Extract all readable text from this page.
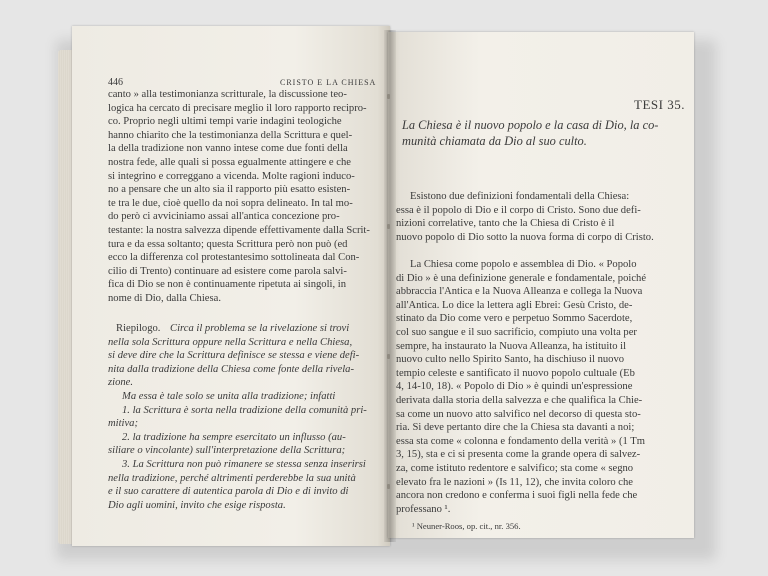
446	CRISTO E LA CHIESA

canto » alla testimonianza scritturale, la discussione teo-

logica ha cercato di precisare meglio il loro rapporto recipro-

co. Proprio negli ultimi tempi varie indagini teologiche

hanno chiarito che la testimonianza della Scrittura e quel-

la della tradizione non vanno intese come due fonti della

nostra fede, alle quali si possa egualmente attingere e che

si integrino e correggano a vicenda. Molte ragioni induco-

no a pensare che un alto sia il rapporto più esatto esisten-

te tra le due, cioè quello da noi sopra delineato. In tal mo-

do però ci avviciniamo assai all'antica concezione pro-

testante: la nostra salvezza dipende effettivamente dalla Scrit-

tura e da essa soltanto; questa Scrittura però non può (ed

ecco la differenza col protestantesimo sottolineata dal Con-

cilio di Trento) continuare ad esistere come parola salvi-

fica di Dio se non è continuamente ripetuta ai singoli, in

nome di Dio, dalla Chiesa.

Riepilogo. Circa il problema se la rivelazione si trovi

nella sola Scrittura oppure nella Scrittura e nella Chiesa,

si deve dire che la Scrittura definisce se stessa e viene defi-

nita dalla tradizione della Chiesa come fonte della rivela-

zione.

Ma essa è tale solo se unita alla tradizione; infatti

1. la Scrittura è sorta nella tradizione della comunità pri-

mitiva;

2. la tradizione ha sempre esercitato un influsso (au-

siliare o vincolante) sull'interpretazione della Scrittura;

3. La Scrittura non può rimanere se stessa senza inserirsi

nella tradizione, perché altrimenti perderebbe la sua unità

e il suo carattere di autentica parola di Dio e di invito di

Dio agli uomini, invito che esige risposta.

TESI 35.

La Chiesa è il nuovo popolo e la casa di Dio, la co-

munità chiamata da Dio al suo culto.

Esistono due definizioni fondamentali della Chiesa:

essa è il popolo di Dio e il corpo di Cristo. Sono due defi-

nizioni correlative, tanto che la Chiesa di Cristo è il

nuovo popolo di Dio sotto la nuova forma di corpo di Cristo.

La Chiesa come popolo e assemblea di Dio. « Popolo

di Dio » è una definizione generale e fondamentale, poiché

abbraccia l'Antica e la Nuova Alleanza e collega la Nuova

all'Antica. Lo dice la lettera agli Ebrei: Gesù Cristo, de-

stinato da Dio come vero e perpetuo Sommo Sacerdote,

col suo sangue e il suo sacrificio, compiuto una volta per

sempre, ha instaurato la Nuova Alleanza, ha istituito il

nuovo culto nello Spirito Santo, ha dischiuso il nuovo

tempio celeste e santificato il nuovo popolo cultuale (Eb

4, 14-10, 18). « Popolo di Dio » è quindi un'espressione

derivata dalla storia della salvezza e che qualifica la Chie-

sa come un nuovo atto salvifico nel decorso di questa sto-

ria. Si deve pertanto dire che la Chiesa sta davanti a noi;

essa sta come « colonna e fondamento della verità » (1 Tm

3, 15), sta e ci si presenta come la grande opera di salvez-

za, come istituto redentore e salvifico; sta come « segno

elevato fra le nazioni » (Is 11, 12), che invita coloro che

ancora non credono e conferma i suoi figli nella fede che

professano ¹.

¹ Neuner-Roos, op. cit., nr. 356.
